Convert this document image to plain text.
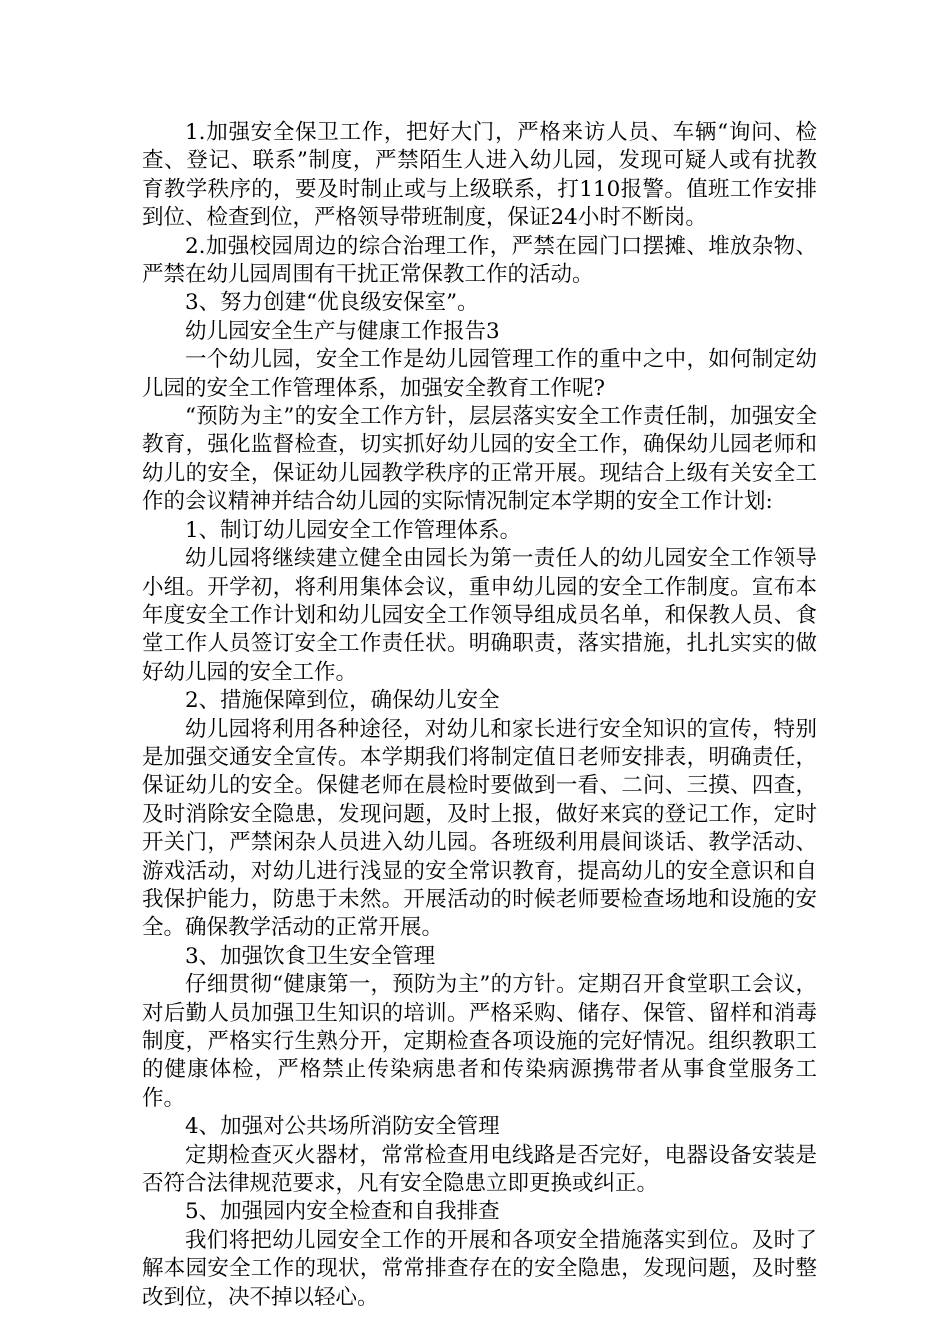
1.加强安全保卫工作，把好大门，严格来访人员、车辆“询问、检查、登记、联系”制度，严禁陌生人进入幼儿园，发现可疑人或有扰教育教学秩序的，要及时制止或与上级联系，打110报警。值班工作安排到位、检查到位，严格领导带班制度，保证24小时不断岗。

2.加强校园周边的综合治理工作，严禁在园门口摆摊、堆放杂物、严禁在幼儿园周围有干扰正常保教工作的活动。

3、努力创建“优良级安保室”。

幼儿园安全生产与健康工作报告3

一个幼儿园，安全工作是幼儿园管理工作的重中之中，如何制定幼儿园的安全工作管理体系，加强安全教育工作呢?

“预防为主”的安全工作方针，层层落实安全工作责任制，加强安全教育，强化监督检查，切实抓好幼儿园的安全工作，确保幼儿园老师和幼儿的安全，保证幼儿园教学秩序的正常开展。现结合上级有关安全工作的会议精神并结合幼儿园的实际情况制定本学期的安全工作计划:

1、制订幼儿园安全工作管理体系。

幼儿园将继续建立健全由园长为第一责任人的幼儿园安全工作领导小组。开学初，将利用集体会议，重申幼儿园的安全工作制度。宣布本年度安全工作计划和幼儿园安全工作领导组成员名单，和保教人员、食堂工作人员签订安全工作责任状。明确职责，落实措施，扎扎实实的做好幼儿园的安全工作。

2、措施保障到位，确保幼儿安全

幼儿园将利用各种途径，对幼儿和家长进行安全知识的宣传，特别是加强交通安全宣传。本学期我们将制定值日老师安排表，明确责任，保证幼儿的安全。保健老师在晨检时要做到一看、二问、三摸、四查，及时消除安全隐患，发现问题，及时上报，做好来宾的登记工作，定时开关门，严禁闲杂人员进入幼儿园。各班级利用晨间谈话、教学活动、游戏活动，对幼儿进行浅显的安全常识教育，提高幼儿的安全意识和自我保护能力，防患于未然。开展活动的时候老师要检查场地和设施的安全。确保教学活动的正常开展。

3、加强饮食卫生安全管理

仔细贯彻“健康第一，预防为主”的方针。定期召开食堂职工会议，对后勤人员加强卫生知识的培训。严格采购、储存、保管、留样和消毒制度，严格实行生熟分开，定期检查各项设施的完好情况。组织教职工的健康体检，严格禁止传染病患者和传染病源携带者从事食堂服务工作。

4、加强对公共场所消防安全管理

定期检查灭火器材，常常检查用电线路是否完好，电器设备安装是否符合法律规范要求，凡有安全隐患立即更换或纠正。

5、加强园内安全检查和自我排查

我们将把幼儿园安全工作的开展和各项安全措施落实到位。及时了解本园安全工作的现状，常常排查存在的安全隐患，发现问题，及时整改到位，决不掉以轻心。
